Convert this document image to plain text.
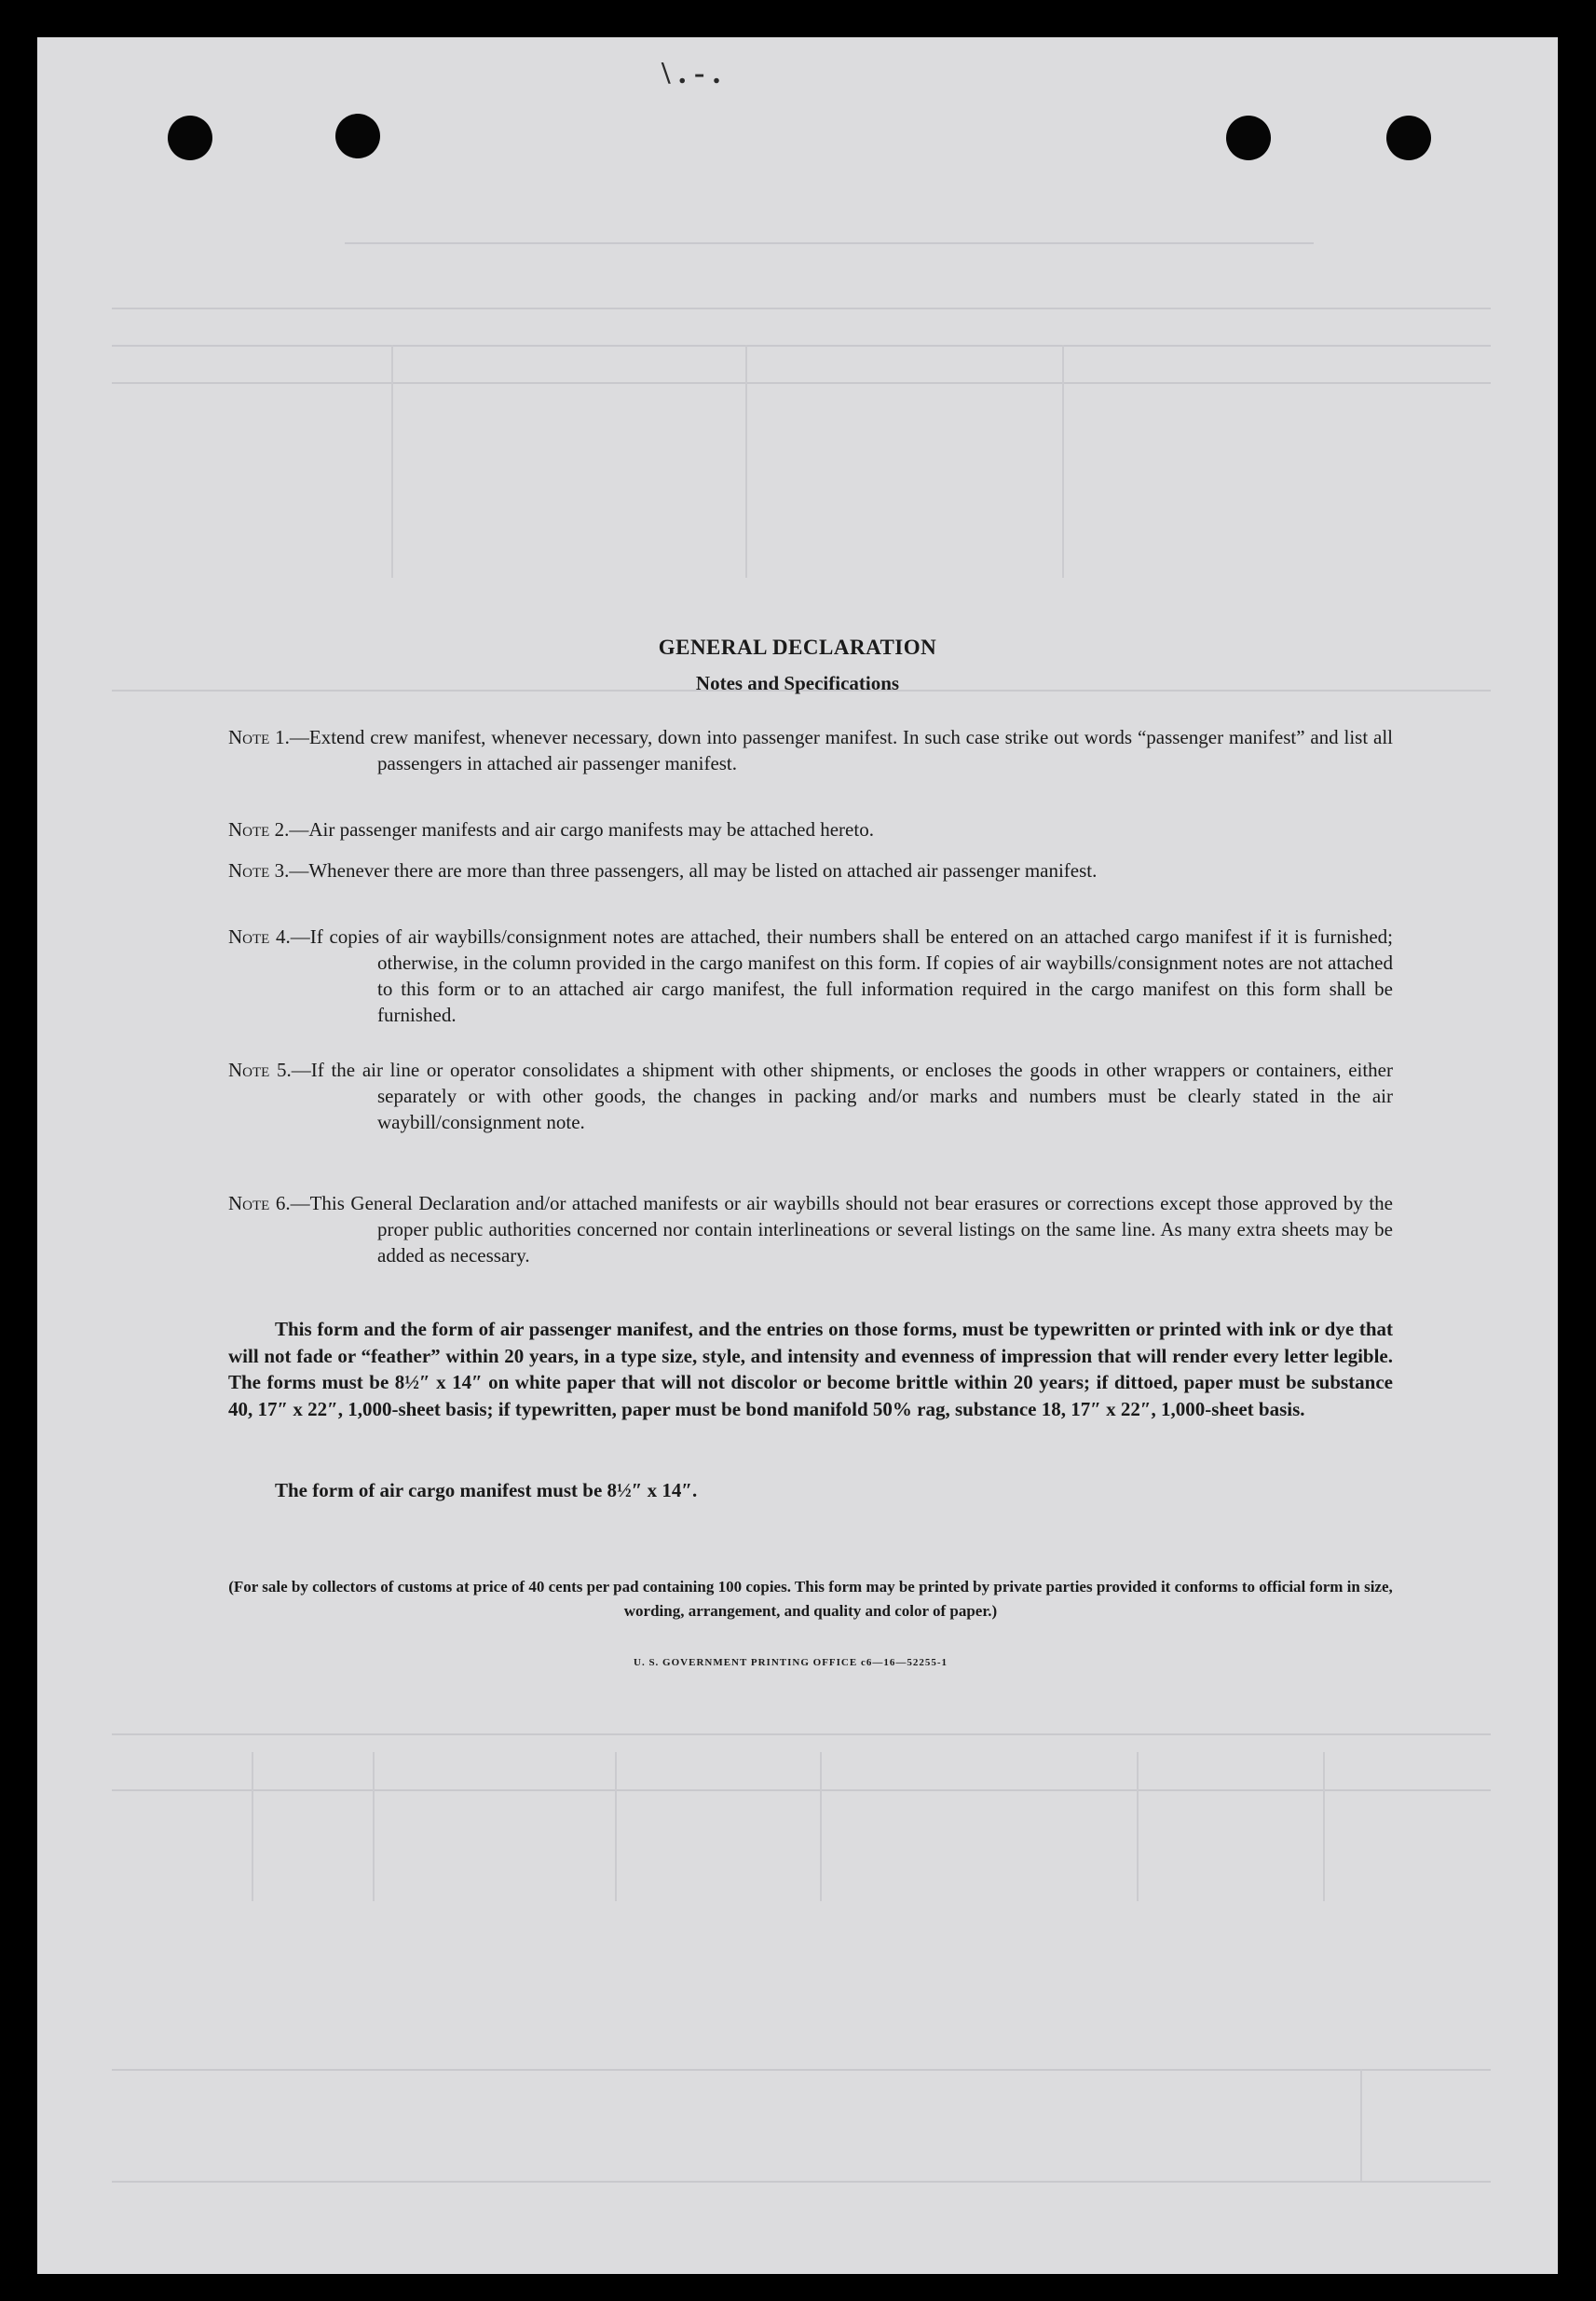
\ . - .
GENERAL DECLARATION
Notes and Specifications
Note 1.—Extend crew manifest, whenever necessary, down into passenger manifest. In such case strike out words “passenger manifest” and list all passengers in attached air passenger manifest.
Note 2.—Air passenger manifests and air cargo manifests may be attached hereto.
Note 3.—Whenever there are more than three passengers, all may be listed on attached air passenger manifest.
Note 4.—If copies of air waybills/consignment notes are attached, their numbers shall be entered on an attached cargo manifest if it is furnished; otherwise, in the column provided in the cargo manifest on this form. If copies of air waybills/consignment notes are not attached to this form or to an attached air cargo manifest, the full information required in the cargo manifest on this form shall be furnished.
Note 5.—If the air line or operator consolidates a shipment with other shipments, or encloses the goods in other wrappers or containers, either separately or with other goods, the changes in packing and/or marks and numbers must be clearly stated in the air waybill/consignment note.
Note 6.—This General Declaration and/or attached manifests or air waybills should not bear erasures or corrections except those approved by the proper public authorities concerned nor contain interlineations or several listings on the same line. As many extra sheets may be added as necessary.
This form and the form of air passenger manifest, and the entries on those forms, must be typewritten or printed with ink or dye that will not fade or “feather” within 20 years, in a type size, style, and intensity and evenness of impression that will render every letter legible. The forms must be 8½″ x 14″ on white paper that will not discolor or become brittle within 20 years; if dittoed, paper must be substance 40, 17″ x 22″, 1,000-sheet basis; if typewritten, paper must be bond manifold 50% rag, substance 18, 17″ x 22″, 1,000-sheet basis.
The form of air cargo manifest must be 8½″ x 14″.
(For sale by collectors of customs at price of 40 cents per pad containing 100 copies. This form may be printed by private parties provided it conforms to official form in size, wording, arrangement, and quality and color of paper.)
U. S. GOVERNMENT PRINTING OFFICE c6—16—52255-1
